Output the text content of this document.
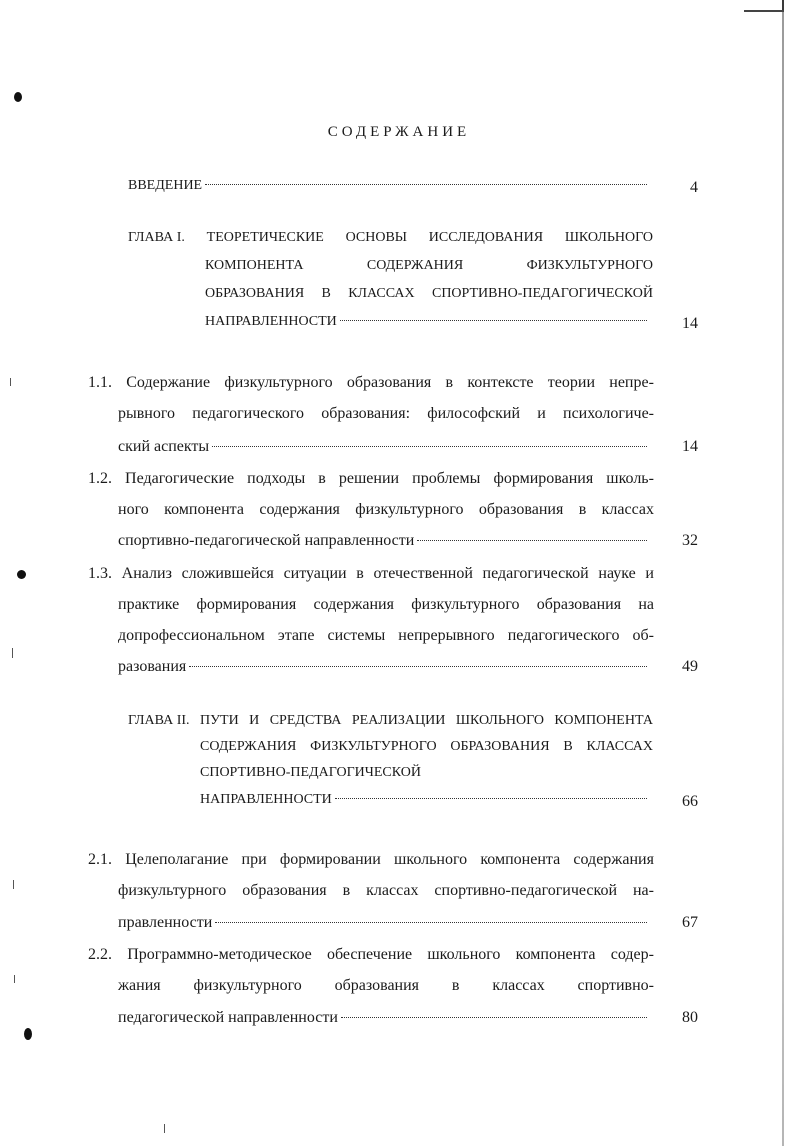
СОДЕРЖАНИЕ
ВВЕДЕНИЕ	4
ГЛАВА I. ТЕОРЕТИЧЕСКИЕ ОСНОВЫ ИССЛЕДОВАНИЯ ШКОЛЬНОГО
КОМПОНЕНТА	СОДЕРЖАНИЯ	ФИЗКУЛЬТУРНОГО
ОБРАЗОВАНИЯ В КЛАССАХ СПОРТИВНО-ПЕДАГОГИЧЕСКОЙ
НАПРАВЛЕННОСТИ	14
1.1. Содержание физкультурного образования в контексте теории непре-
рывного педагогического образования: философский и психологиче-
ский аспекты	14
1.2. Педагогические подходы в решении проблемы формирования школь-
ного компонента содержания физкультурного образования в классах
спортивно-педагогической направленности	32
1.3. Анализ сложившейся ситуации в отечественной педагогической науке и
практике формирования содержания физкультурного образования на
допрофессиональном этапе системы непрерывного педагогического об-
разования	49
ГЛАВА II. ПУТИ И СРЕДСТВА РЕАЛИЗАЦИИ ШКОЛЬНОГО КОМПОНЕНТА
СОДЕРЖАНИЯ ФИЗКУЛЬТУРНОГО ОБРАЗОВАНИЯ В КЛАССАХ
СПОРТИВНО-ПЕДАГОГИЧЕСКОЙ
НАПРАВЛЕННОСТИ	66
2.1. Целеполагание при формировании школьного компонента содержания
физкультурного образования в классах спортивно-педагогической на-
правленности	67
2.2. Программно-методическое обеспечение школьного компонента содер-
жания физкультурного образования в классах спортивно-
педагогической направленности	80
